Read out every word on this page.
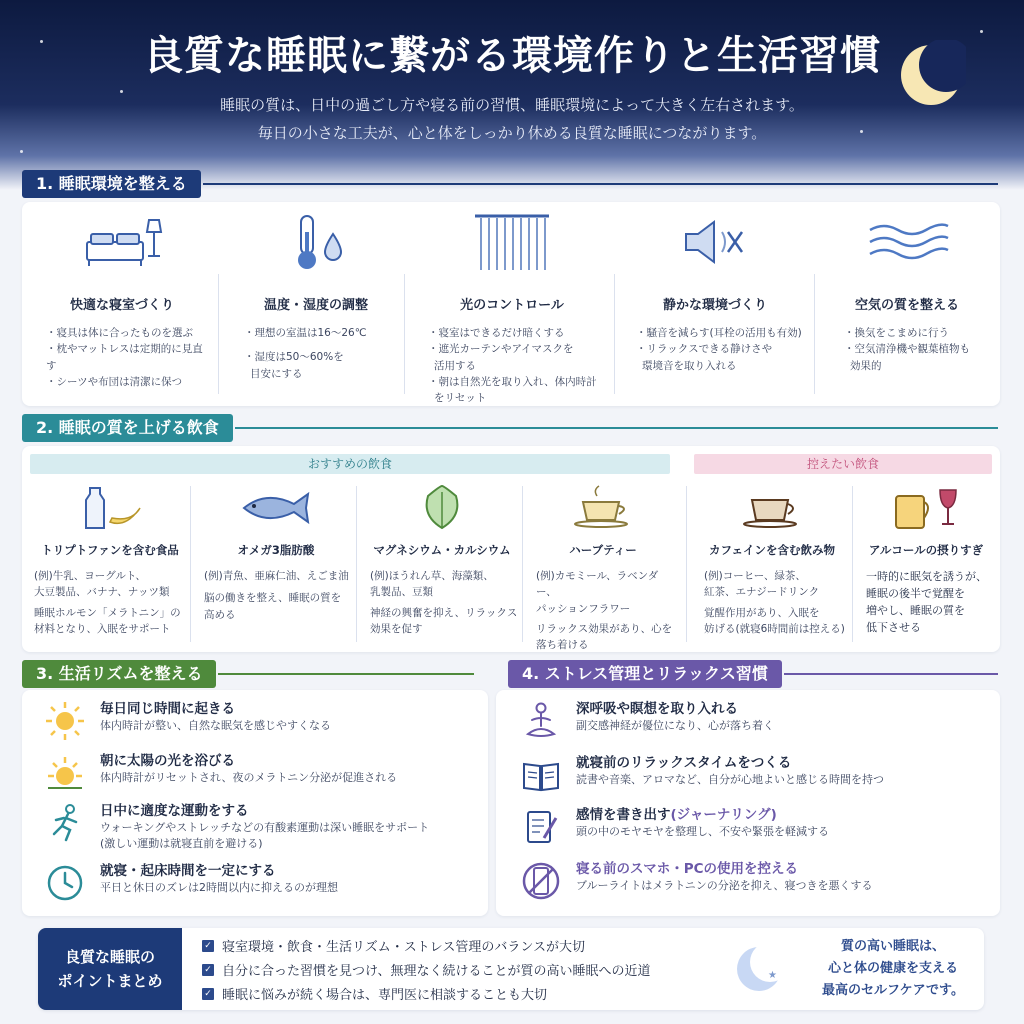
良質な睡眠に繋がる環境作りと生活習慣
睡眠の質は、日中の過ごし方や寝る前の習慣、睡眠環境によって大きく左右されます。
毎日の小さな工夫が、心と体をしっかり休める良質な睡眠につながります。
1. 睡眠環境を整える
快適な寝室づくり
・寝具は体に合ったものを選ぶ
・枕やマットレスは定期的に見直す
・シーツや布団は清潔に保つ
温度・湿度の調整
・理想の室温は16〜26℃
・湿度は50〜60%を
目安にする
光のコントロール
・寝室はできるだけ暗くする
・遮光カーテンやアイマスクを
活用する
・朝は自然光を取り入れ、体内時計
をリセット
静かな環境づくり
・騒音を減らす(耳栓の活用も有効)
・リラックスできる静けさや
環境音を取り入れる
空気の質を整える
・換気をこまめに行う
・空気清浄機や観葉植物も
効果的
2. 睡眠の質を上げる飲食
おすすめの飲食	控えたい飲食
トリプトファンを含む食品
(例)牛乳、ヨーグルト、
大豆製品、バナナ、ナッツ類
睡眠ホルモン「メラトニン」の
材料となり、入眠をサポート
オメガ3脂肪酸
(例)青魚、亜麻仁油、えごま油
脳の働きを整え、睡眠の質を
高める
マグネシウム・カルシウム
(例)ほうれん草、海藻類、
乳製品、豆類
神経の興奮を抑え、リラックス
効果を促す
ハーブティー
(例)カモミール、ラベンダー、
パッションフラワー
リラックス効果があり、心を
落ち着ける
カフェインを含む飲み物
(例)コーヒー、緑茶、
紅茶、エナジードリンク
覚醒作用があり、入眠を
妨げる(就寝6時間前は控える)
アルコールの摂りすぎ
一時的に眠気を誘うが、
睡眠の後半で覚醒を
増やし、睡眠の質を
低下させる
3. 生活リズムを整える
毎日同じ時間に起きる
体内時計が整い、自然な眠気を感じやすくなる
朝に太陽の光を浴びる
体内時計がリセットされ、夜のメラトニン分泌が促進される
日中に適度な運動をする
ウォーキングやストレッチなどの有酸素運動は深い睡眠をサポート
(激しい運動は就寝直前を避ける)
就寝・起床時間を一定にする
平日と休日のズレは2時間以内に抑えるのが理想
4. ストレス管理とリラックス習慣
深呼吸や瞑想を取り入れる
副交感神経が優位になり、心が落ち着く
就寝前のリラックスタイムをつくる
読書や音楽、アロマなど、自分が心地よいと感じる時間を持つ
感情を書き出す(ジャーナリング)
頭の中のモヤモヤを整理し、不安や緊張を軽減する
寝る前のスマホ・PCの使用を控える
ブルーライトはメラトニンの分泌を抑え、寝つきを悪くする
良質な睡眠の
ポイントまとめ
✓ 寝室環境・飲食・生活リズム・ストレス管理のバランスが大切
✓ 自分に合った習慣を見つけ、無理なく続けることが質の高い睡眠への近道
✓ 睡眠に悩みが続く場合は、専門医に相談することも大切
★
質の高い睡眠は、
心と体の健康を支える
最高のセルフケアです。
